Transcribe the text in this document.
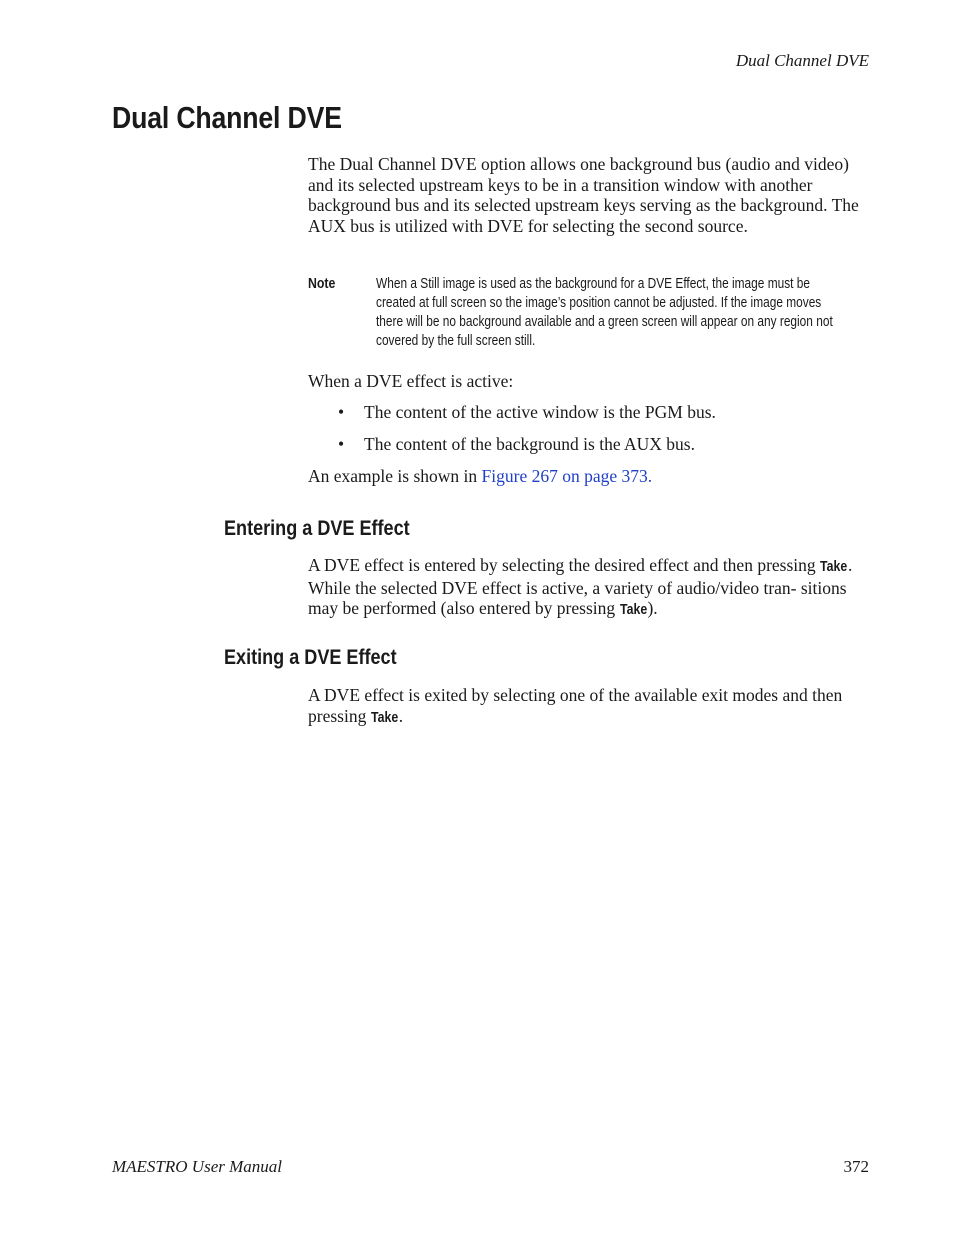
Dual Channel DVE
Dual Channel DVE

The Dual Channel DVE option allows one background bus (audio and video) and its selected upstream keys to be in a transition window with another background bus and its selected upstream keys serving as the background. The AUX bus is utilized with DVE for selecting the second source.

Note	When a Still image is used as the background for a DVE Effect, the image must be created at full screen so the image’s position cannot be adjusted. If the image moves there will be no background available and a green screen will appear on any region not covered by the full screen still.

When a DVE effect is active:

• The content of the active window is the PGM bus.
• The content of the background is the AUX bus.

An example is shown in Figure 267 on page 373.

Entering a DVE Effect

A DVE effect is entered by selecting the desired effect and then pressing Take. While the selected DVE effect is active, a variety of audio/video tran- sitions may be performed (also entered by pressing Take).

Exiting a DVE Effect

A DVE effect is exited by selecting one of the available exit modes and then pressing Take.

MAESTRO User Manual	372
